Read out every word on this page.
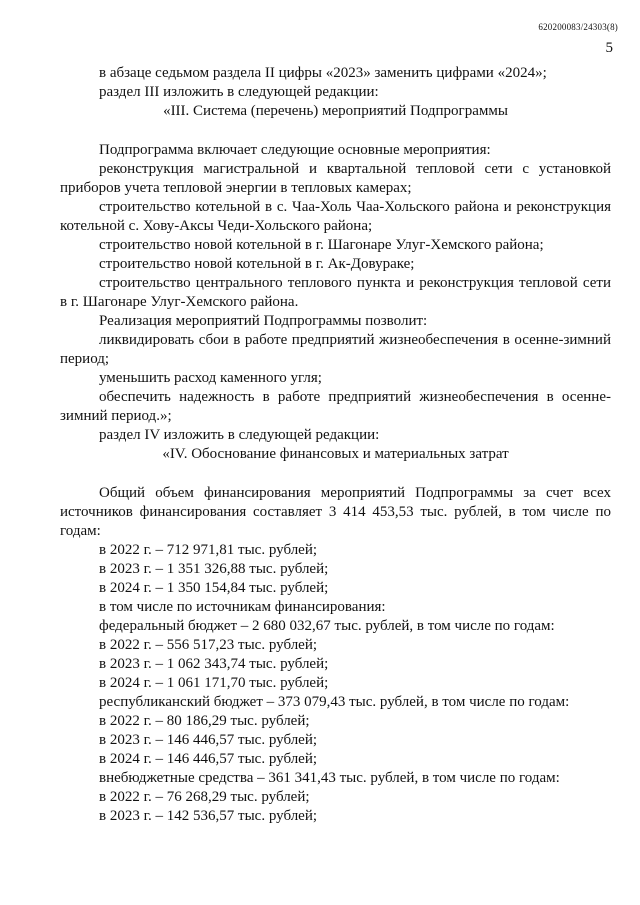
620200083/24303(8)
5

в абзаце седьмом раздела II цифры «2023» заменить цифрами «2024»;

раздел III изложить в следующей редакции:

«III. Система (перечень) мероприятий Подпрограммы

Подпрограмма включает следующие основные мероприятия:

реконструкция магистральной и квартальной тепловой сети с установкой приборов учета тепловой энергии в тепловых камерах;

строительство котельной в с. Чаа-Холь Чаа-Хольского района и реконструкция котельной с. Хову-Аксы Чеди-Хольского района;

строительство новой котельной в г. Шагонаре Улуг-Хемского района;

строительство новой котельной в г. Ак-Довураке;

строительство центрального теплового пункта и реконструкция тепловой сети в г. Шагонаре Улуг-Хемского района.

Реализация мероприятий Подпрограммы позволит:

ликвидировать сбои в работе предприятий жизнеобеспечения в осенне-зимний период;

уменьшить расход каменного угля;

обеспечить надежность в работе предприятий жизнеобеспечения в осенне-зимний период.»;

раздел IV изложить в следующей редакции:

«IV. Обоснование финансовых и материальных затрат

Общий объем финансирования мероприятий Подпрограммы за счет всех источников финансирования составляет 3 414 453,53 тыс. рублей, в том числе по годам:

в 2022 г. – 712 971,81 тыс. рублей;

в 2023 г. – 1 351 326,88 тыс. рублей;

в 2024 г. – 1 350 154,84 тыс. рублей;

в том числе по источникам финансирования:

федеральный бюджет – 2 680 032,67 тыс. рублей, в том числе по годам:

в 2022 г. – 556 517,23 тыс. рублей;

в 2023 г. – 1 062 343,74 тыс. рублей;

в 2024 г. – 1 061 171,70 тыс. рублей;

республиканский бюджет – 373 079,43 тыс. рублей, в том числе по годам:

в 2022 г. – 80 186,29 тыс. рублей;

в 2023 г. – 146 446,57 тыс. рублей;

в 2024 г. – 146 446,57 тыс. рублей;

внебюджетные средства – 361 341,43 тыс. рублей, в том числе по годам:

в 2022 г. – 76 268,29 тыс. рублей;

в 2023 г. – 142 536,57 тыс. рублей;
